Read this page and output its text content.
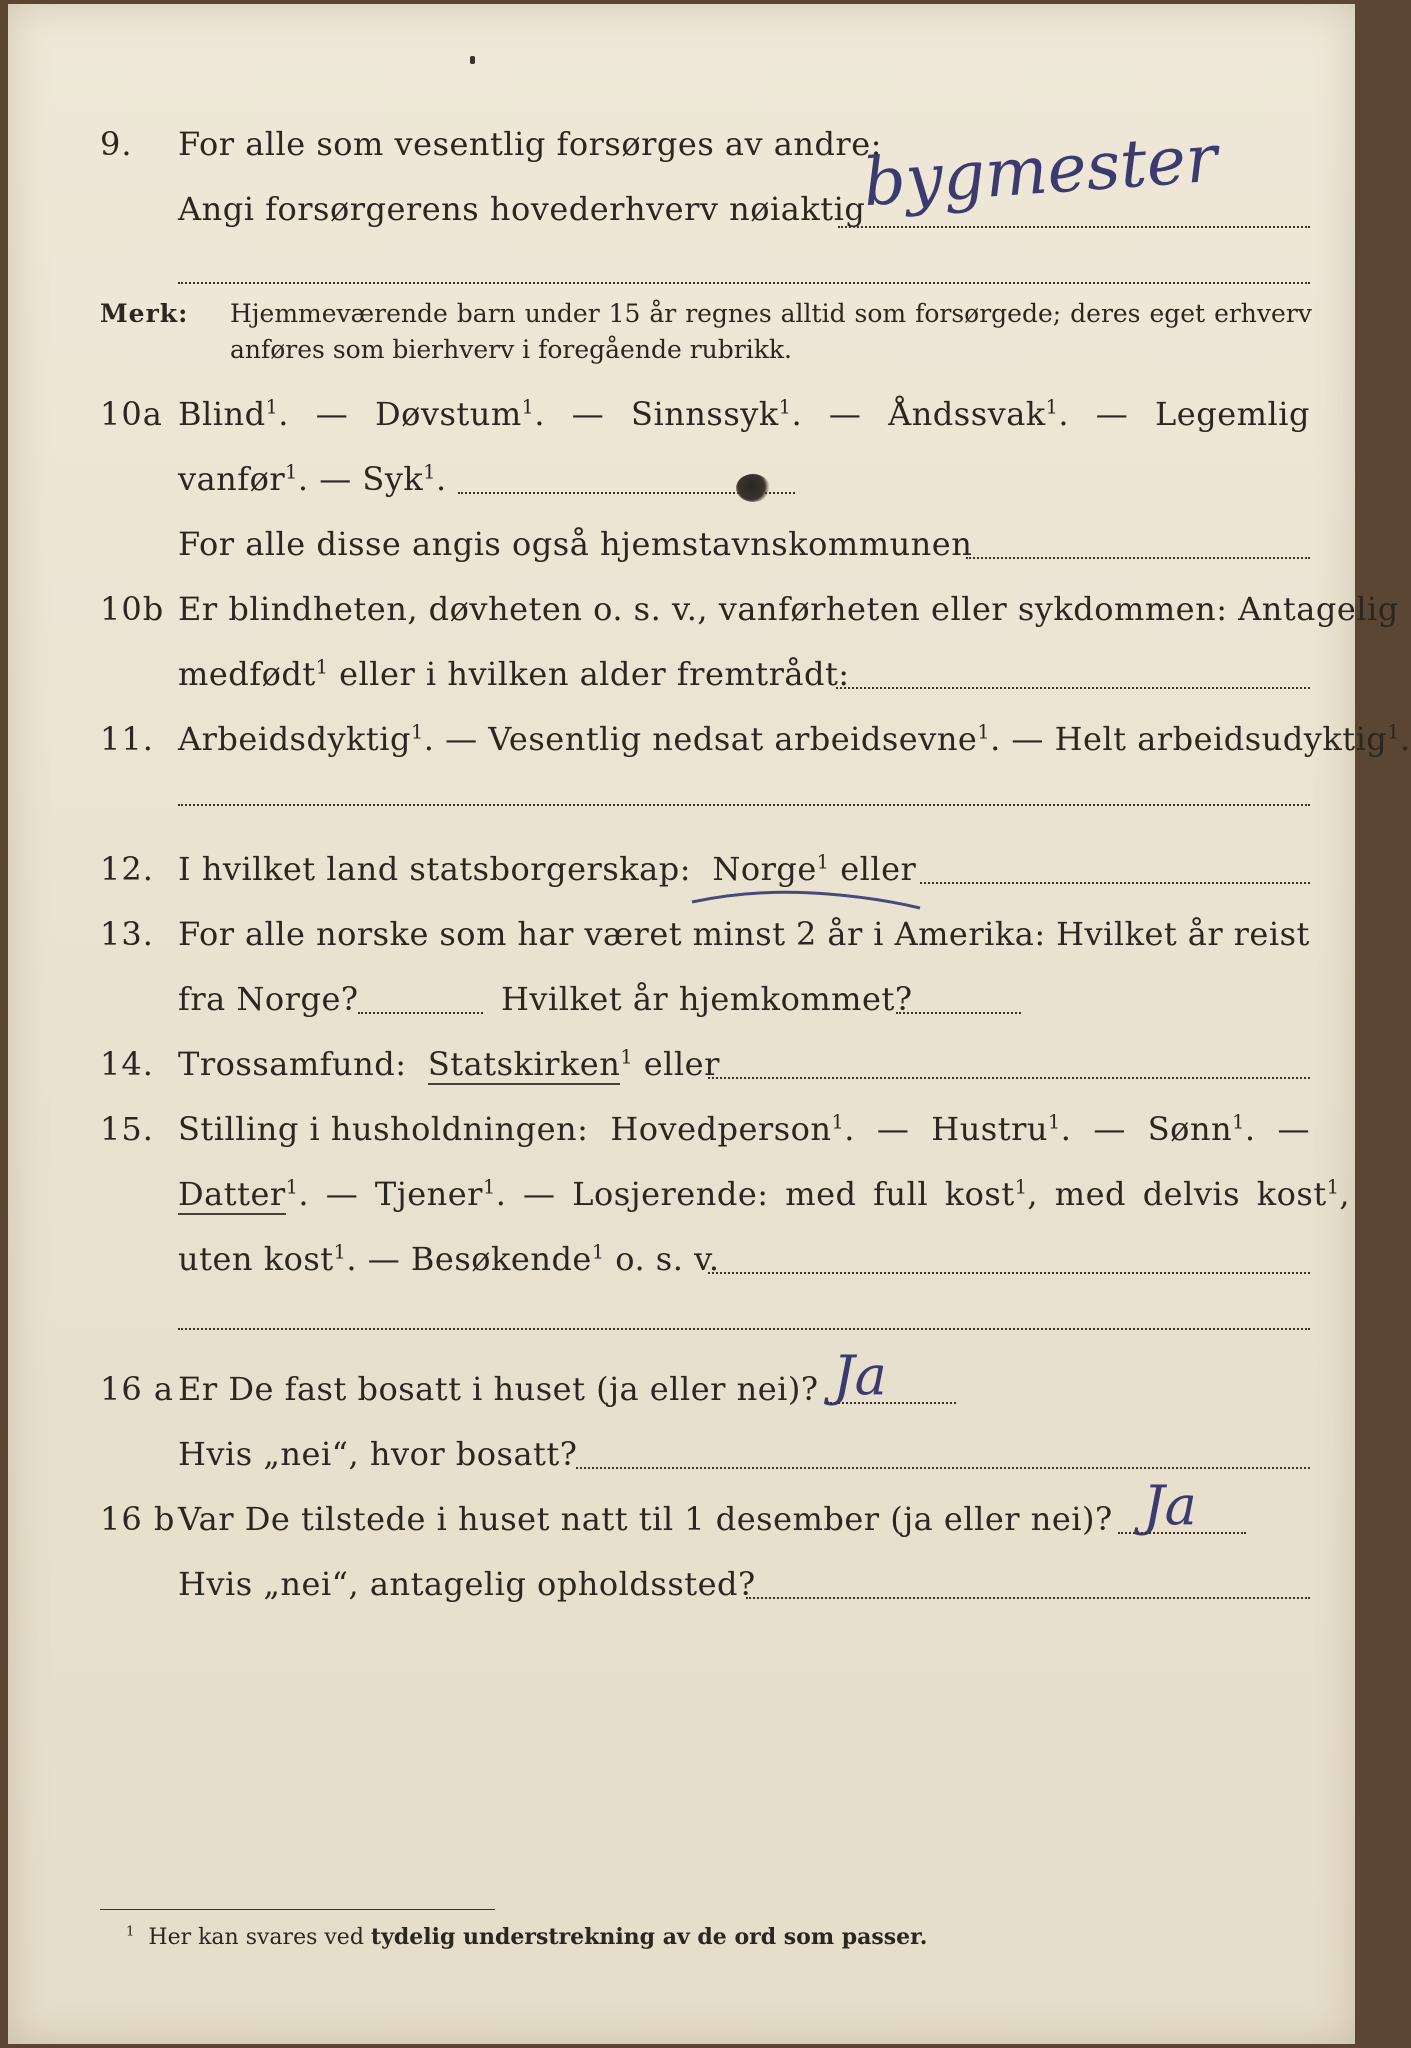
9. For alle som vesentlig forsørges av andre:
Angi forsørgerens hovederhverv nøiaktig
bygmester
Merk: Hjemmeværende barn under 15 år regnes alltid som forsørgede; deres eget erhverv
anføres som bierhverv i foregående rubrikk.
10a Blind$^1$. — Døvstum$^1$. — Sinnssyk$^1$. — Åndssvak$^1$. — Legemlig
vanfør$^1$. — Syk$^1$.
For alle disse angis også hjemstavnskommunen
10b Er blindheten, døvheten o. s. v., vanførheten eller sykdommen: Antagelig
medfødt$^1$ eller i hvilken alder fremtrådt:
11. Arbeidsdyktig$^1$. — Vesentlig nedsat arbeidsevne$^1$. — Helt arbeidsudyktig$^1$.
12. I hvilket land statsborgerskap: Norge$^1$ eller
13. For alle norske som har været minst 2 år i Amerika: Hvilket år reist
fra Norge?	Hvilket år hjemkommet?
14. Trossamfund: Statskirken$^1$ eller
15. Stilling i husholdningen: Hovedperson$^1$. — Hustru$^1$. — Sønn$^1$. —
Datter$^1$. — Tjener$^1$. — Losjerende: med full kost$^1$, med delvis kost$^1$,
uten kost$^1$. — Besøkende$^1$ o. s. v.
16 a Er De fast bosatt i huset (ja eller nei)? Ja
Hvis „nei“, hvor bosatt?
16 b Var De tilstede i huset natt til 1 desember (ja eller nei)? Ja
Hvis „nei“, antagelig opholdssted?
$^1$ Her kan svares ved tydelig understrekning av de ord som passer.
